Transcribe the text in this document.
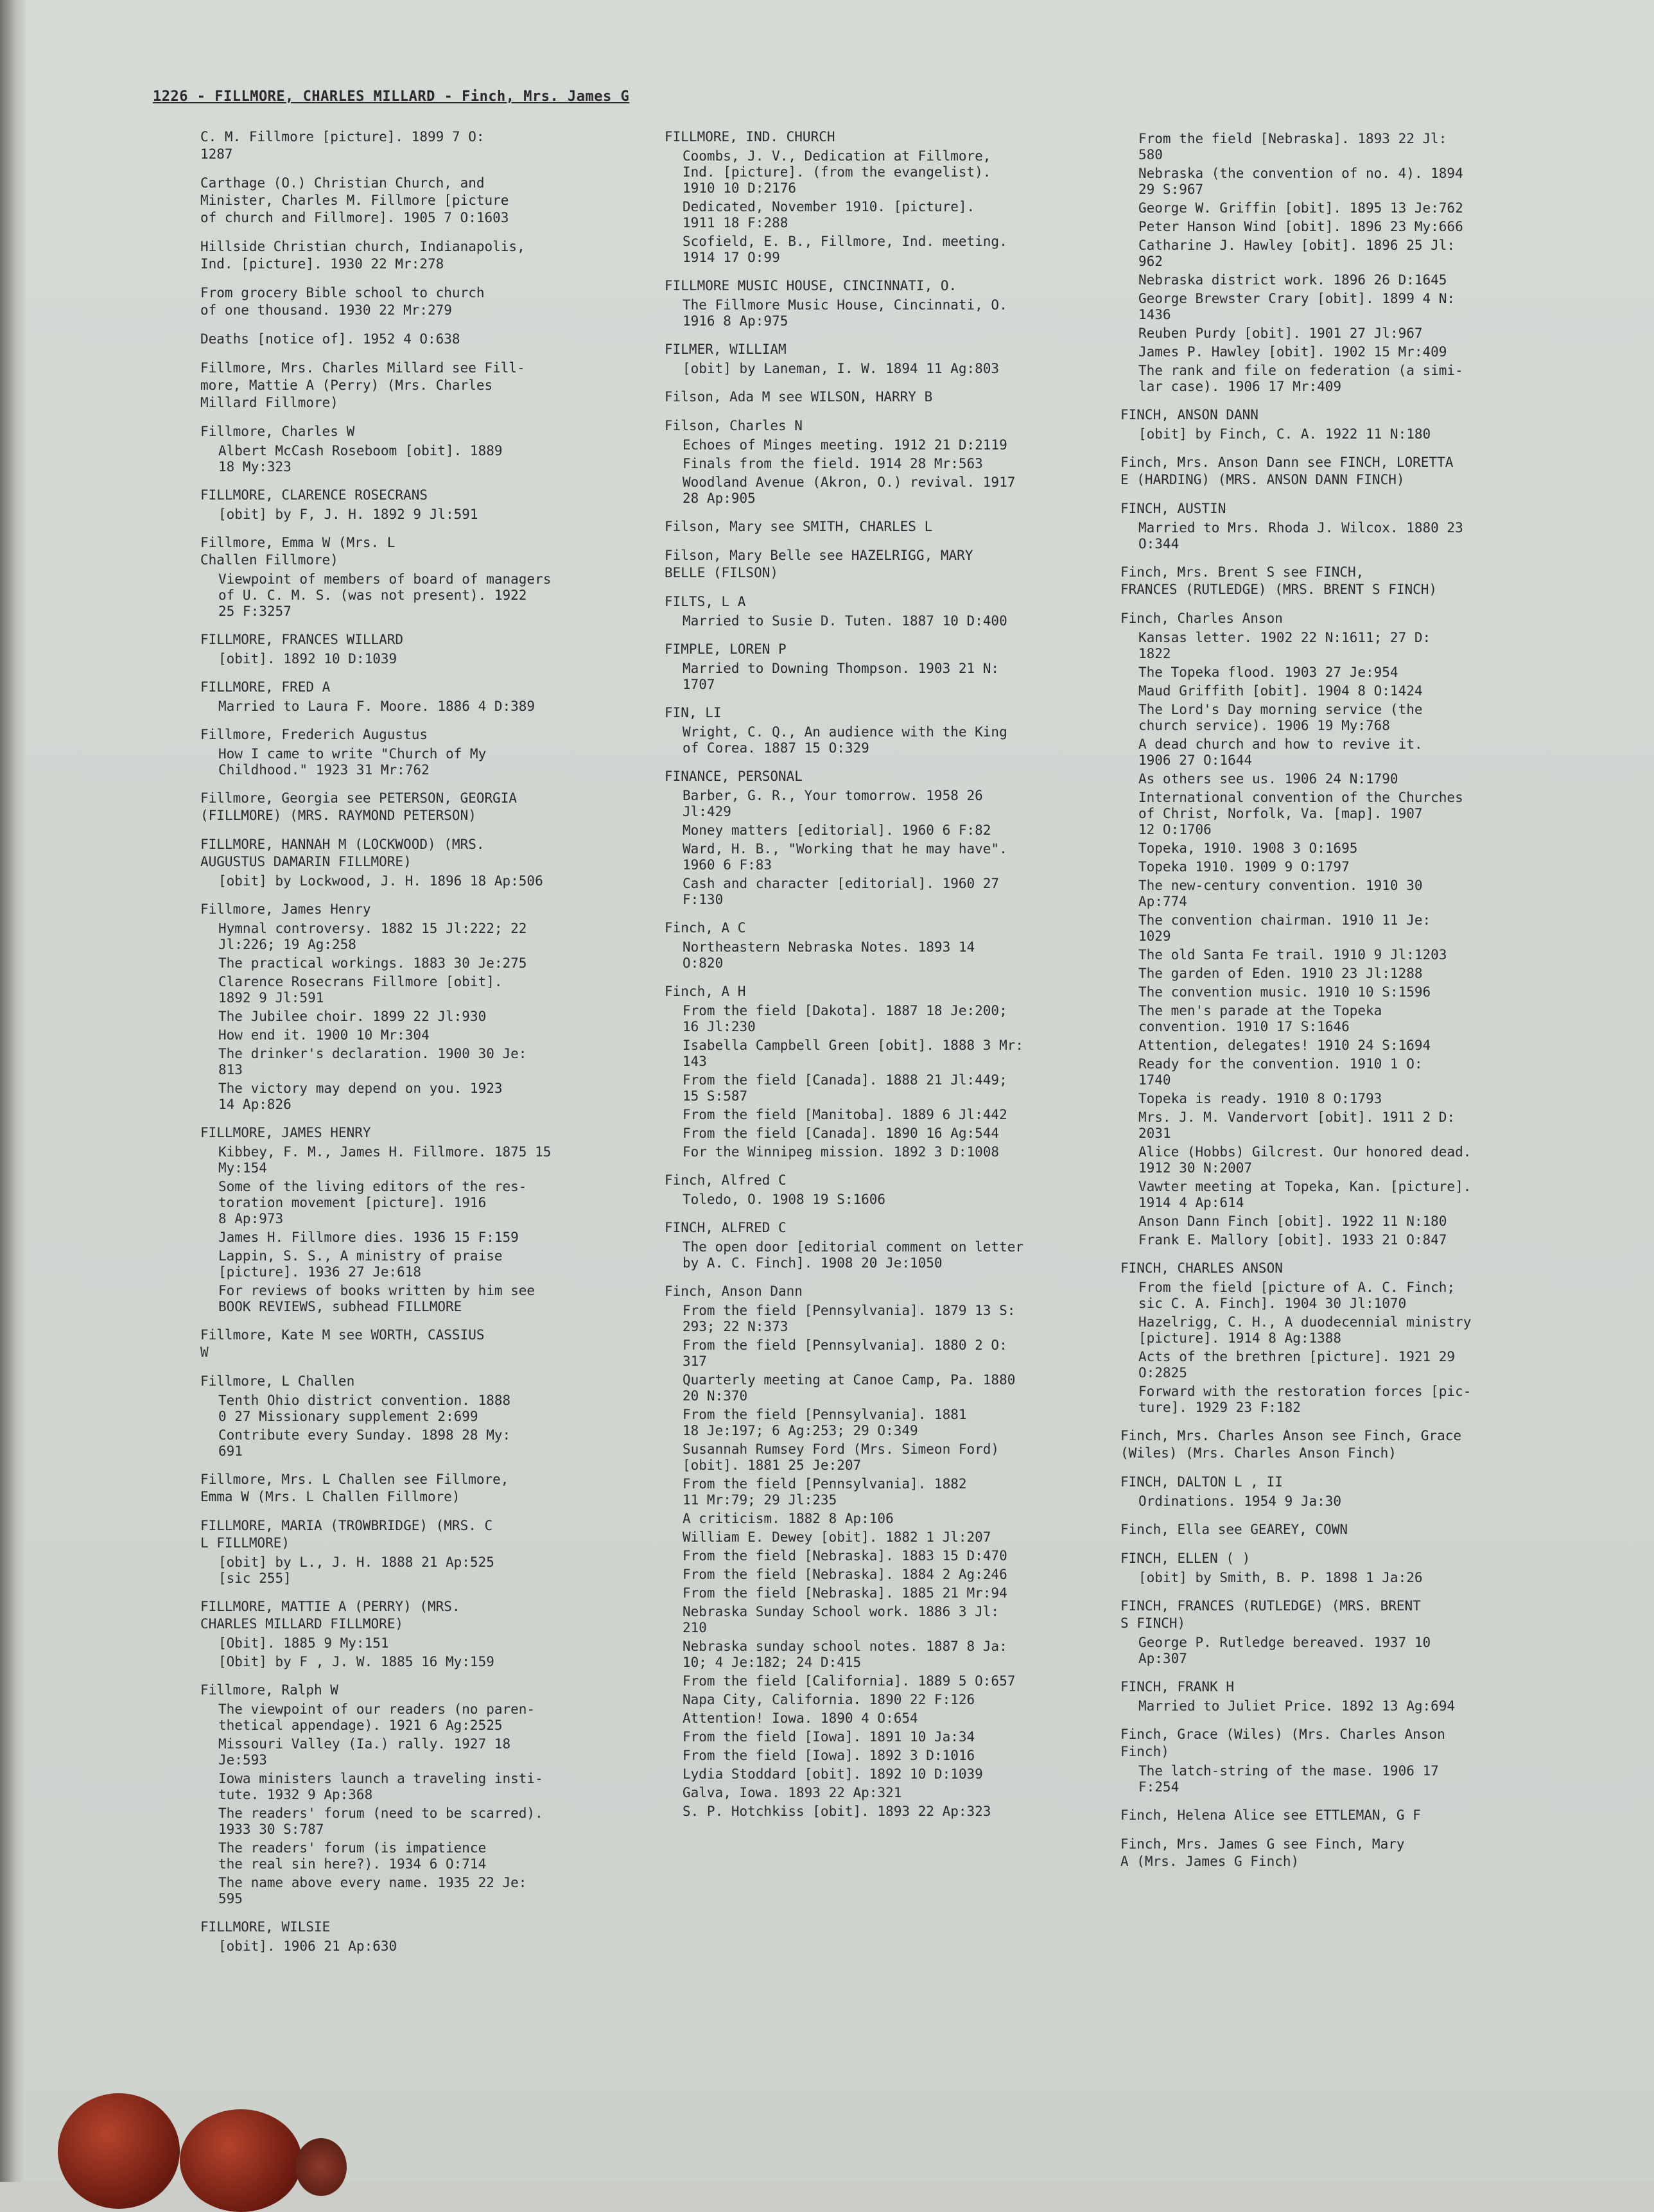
1226 - FILLMORE, CHARLES MILLARD - Finch, Mrs. James G
C. M. Fillmore [picture]. 1899 7 O:
1287
Carthage (O.) Christian Church, and
Minister, Charles M. Fillmore [picture
of church and Fillmore]. 1905 7 O:1603
Hillside Christian church, Indianapolis,
Ind. [picture]. 1930 22 Mr:278
From grocery Bible school to church
of one thousand. 1930 22 Mr:279
Deaths [notice of]. 1952 4 O:638
Fillmore, Mrs. Charles Millard see Fill-
more, Mattie A (Perry) (Mrs. Charles
Millard Fillmore)
Fillmore, Charles W
Albert McCash Roseboom [obit]. 1889
18 My:323
FILLMORE, CLARENCE ROSECRANS
[obit] by F, J. H. 1892 9 Jl:591
Fillmore, Emma W (Mrs. L
Challen Fillmore)
Viewpoint of members of board of managers
of U. C. M. S. (was not present). 1922
25 F:3257
FILLMORE, FRANCES WILLARD
[obit]. 1892 10 D:1039
FILLMORE, FRED A
Married to Laura F. Moore. 1886 4 D:389
Fillmore, Frederich Augustus
How I came to write "Church of My
Childhood." 1923 31 Mr:762
Fillmore, Georgia see PETERSON, GEORGIA
(FILLMORE) (MRS. RAYMOND PETERSON)
FILLMORE, HANNAH M (LOCKWOOD) (MRS.
AUGUSTUS DAMARIN FILLMORE)
[obit] by Lockwood, J. H. 1896 18 Ap:506
Fillmore, James Henry
Hymnal controversy. 1882 15 Jl:222; 22
Jl:226; 19 Ag:258
The practical workings. 1883 30 Je:275
Clarence Rosecrans Fillmore [obit].
1892 9 Jl:591
The Jubilee choir. 1899 22 Jl:930
How end it. 1900 10 Mr:304
The drinker's declaration. 1900 30 Je:
813
The victory may depend on you. 1923
14 Ap:826
FILLMORE, JAMES HENRY
Kibbey, F. M., James H. Fillmore. 1875 15
My:154
Some of the living editors of the res-
toration movement [picture]. 1916
8 Ap:973
James H. Fillmore dies. 1936 15 F:159
Lappin, S. S., A ministry of praise
[picture]. 1936 27 Je:618
For reviews of books written by him see
BOOK REVIEWS, subhead FILLMORE
Fillmore, Kate M see WORTH, CASSIUS
W
Fillmore, L Challen
Tenth Ohio district convention. 1888
0 27 Missionary supplement 2:699
Contribute every Sunday. 1898 28 My:
691
Fillmore, Mrs. L Challen see Fillmore,
Emma W (Mrs. L Challen Fillmore)
FILLMORE, MARIA (TROWBRIDGE) (MRS. C
L FILLMORE)
[obit] by L., J. H. 1888 21 Ap:525
[sic 255]
FILLMORE, MATTIE A (PERRY) (MRS.
CHARLES MILLARD FILLMORE)
[Obit]. 1885 9 My:151
[Obit] by F , J. W. 1885 16 My:159
Fillmore, Ralph W
The viewpoint of our readers (no paren-
thetical appendage). 1921 6 Ag:2525
Missouri Valley (Ia.) rally. 1927 18
Je:593
Iowa ministers launch a traveling insti-
tute. 1932 9 Ap:368
The readers' forum (need to be scarred).
1933 30 S:787
The readers' forum (is impatience
the real sin here?). 1934 6 O:714
The name above every name. 1935 22 Je:
595
FILLMORE, WILSIE
[obit]. 1906 21 Ap:630
FILLMORE, IND. CHURCH
Coombs, J. V., Dedication at Fillmore,
Ind. [picture]. (from the evangelist).
1910 10 D:2176
Dedicated, November 1910. [picture].
1911 18 F:288
Scofield, E. B., Fillmore, Ind. meeting.
1914 17 O:99
FILLMORE MUSIC HOUSE, CINCINNATI, O.
The Fillmore Music House, Cincinnati, O.
1916 8 Ap:975
FILMER, WILLIAM
[obit] by Laneman, I. W. 1894 11 Ag:803
Filson, Ada M see WILSON, HARRY B
Filson, Charles N
Echoes of Minges meeting. 1912 21 D:2119
Finals from the field. 1914 28 Mr:563
Woodland Avenue (Akron, O.) revival. 1917
28 Ap:905
Filson, Mary see SMITH, CHARLES L
Filson, Mary Belle see HAZELRIGG, MARY
BELLE (FILSON)
FILTS, L A
Married to Susie D. Tuten. 1887 10 D:400
FIMPLE, LOREN P
Married to Downing Thompson. 1903 21 N:
1707
FIN, LI
Wright, C. Q., An audience with the King
of Corea. 1887 15 O:329
FINANCE, PERSONAL
Barber, G. R., Your tomorrow. 1958 26
Jl:429
Money matters [editorial]. 1960 6 F:82
Ward, H. B., "Working that he may have".
1960 6 F:83
Cash and character [editorial]. 1960 27
F:130
Finch, A C
Northeastern Nebraska Notes. 1893 14
O:820
Finch, A H
From the field [Dakota]. 1887 18 Je:200;
16 Jl:230
Isabella Campbell Green [obit]. 1888 3 Mr:
143
From the field [Canada]. 1888 21 Jl:449;
15 S:587
From the field [Manitoba]. 1889 6 Jl:442
From the field [Canada]. 1890 16 Ag:544
For the Winnipeg mission. 1892 3 D:1008
Finch, Alfred C
Toledo, O. 1908 19 S:1606
FINCH, ALFRED C
The open door [editorial comment on letter
by A. C. Finch]. 1908 20 Je:1050
Finch, Anson Dann
From the field [Pennsylvania]. 1879 13 S:
293; 22 N:373
From the field [Pennsylvania]. 1880 2 O:
317
Quarterly meeting at Canoe Camp, Pa. 1880
20 N:370
From the field [Pennsylvania]. 1881
18 Je:197; 6 Ag:253; 29 O:349
Susannah Rumsey Ford (Mrs. Simeon Ford)
[obit]. 1881 25 Je:207
From the field [Pennsylvania]. 1882
11 Mr:79; 29 Jl:235
A criticism. 1882 8 Ap:106
William E. Dewey [obit]. 1882 1 Jl:207
From the field [Nebraska]. 1883 15 D:470
From the field [Nebraska]. 1884 2 Ag:246
From the field [Nebraska]. 1885 21 Mr:94
Nebraska Sunday School work. 1886 3 Jl:
210
Nebraska sunday school notes. 1887 8 Ja:
10; 4 Je:182; 24 D:415
From the field [California]. 1889 5 O:657
Napa City, California. 1890 22 F:126
Attention! Iowa. 1890 4 O:654
From the field [Iowa]. 1891 10 Ja:34
From the field [Iowa]. 1892 3 D:1016
Lydia Stoddard [obit]. 1892 10 D:1039
Galva, Iowa. 1893 22 Ap:321
S. P. Hotchkiss [obit]. 1893 22 Ap:323
From the field [Nebraska]. 1893 22 Jl:
580
Nebraska (the convention of no. 4). 1894
29 S:967
George W. Griffin [obit]. 1895 13 Je:762
Peter Hanson Wind [obit]. 1896 23 My:666
Catharine J. Hawley [obit]. 1896 25 Jl:
962
Nebraska district work. 1896 26 D:1645
George Brewster Crary [obit]. 1899 4 N:
1436
Reuben Purdy [obit]. 1901 27 Jl:967
James P. Hawley [obit]. 1902 15 Mr:409
The rank and file on federation (a simi-
lar case). 1906 17 Mr:409
FINCH, ANSON DANN
[obit] by Finch, C. A. 1922 11 N:180
Finch, Mrs. Anson Dann see FINCH, LORETTA
E (HARDING) (MRS. ANSON DANN FINCH)
FINCH, AUSTIN
Married to Mrs. Rhoda J. Wilcox. 1880 23
O:344
Finch, Mrs. Brent S see FINCH,
FRANCES (RUTLEDGE) (MRS. BRENT S FINCH)
Finch, Charles Anson
Kansas letter. 1902 22 N:1611; 27 D:
1822
The Topeka flood. 1903 27 Je:954
Maud Griffith [obit]. 1904 8 O:1424
The Lord's Day morning service (the
church service). 1906 19 My:768
A dead church and how to revive it.
1906 27 O:1644
As others see us. 1906 24 N:1790
International convention of the Churches
of Christ, Norfolk, Va. [map]. 1907
12 O:1706
Topeka, 1910. 1908 3 O:1695
Topeka 1910. 1909 9 O:1797
The new-century convention. 1910 30
Ap:774
The convention chairman. 1910 11 Je:
1029
The old Santa Fe trail. 1910 9 Jl:1203
The garden of Eden. 1910 23 Jl:1288
The convention music. 1910 10 S:1596
The men's parade at the Topeka
convention. 1910 17 S:1646
Attention, delegates! 1910 24 S:1694
Ready for the convention. 1910 1 O:
1740
Topeka is ready. 1910 8 O:1793
Mrs. J. M. Vandervort [obit]. 1911 2 D:
2031
Alice (Hobbs) Gilcrest. Our honored dead.
1912 30 N:2007
Vawter meeting at Topeka, Kan. [picture].
1914 4 Ap:614
Anson Dann Finch [obit]. 1922 11 N:180
Frank E. Mallory [obit]. 1933 21 O:847
FINCH, CHARLES ANSON
From the field [picture of A. C. Finch;
sic C. A. Finch]. 1904 30 Jl:1070
Hazelrigg, C. H., A duodecennial ministry
[picture]. 1914 8 Ag:1388
Acts of the brethren [picture]. 1921 29
O:2825
Forward with the restoration forces [pic-
ture]. 1929 23 F:182
Finch, Mrs. Charles Anson see Finch, Grace
(Wiles) (Mrs. Charles Anson Finch)
FINCH, DALTON L , II
Ordinations. 1954 9 Ja:30
Finch, Ella see GEAREY, COWN
FINCH, ELLEN ( )
[obit] by Smith, B. P. 1898 1 Ja:26
FINCH, FRANCES (RUTLEDGE) (MRS. BRENT
S FINCH)
George P. Rutledge bereaved. 1937 10
Ap:307
FINCH, FRANK H
Married to Juliet Price. 1892 13 Ag:694
Finch, Grace (Wiles) (Mrs. Charles Anson
Finch)
The latch-string of the mase. 1906 17
F:254
Finch, Helena Alice see ETTLEMAN, G F
Finch, Mrs. James G see Finch, Mary
A (Mrs. James G Finch)
